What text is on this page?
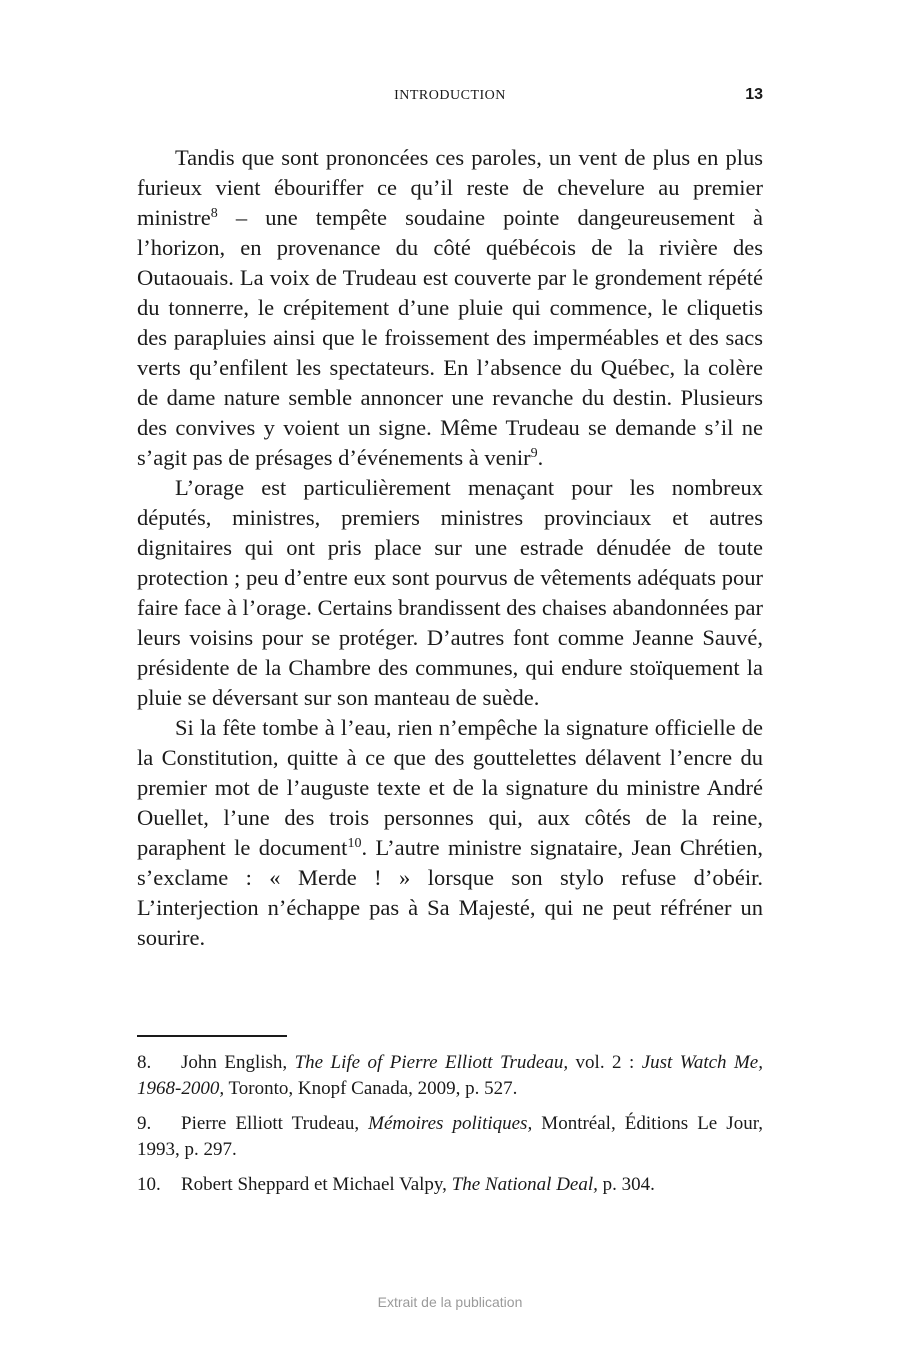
INTRODUCTION	13

Tandis que sont prononcées ces paroles, un vent de plus en plus furieux vient ébouriffer ce qu’il reste de chevelure au premier ministre$^8$ – une tempête soudaine pointe dangeureusement à l’horizon, en provenance du côté québécois de la rivière des Outaouais. La voix de Trudeau est couverte par le grondement répété du tonnerre, le crépitement d’une pluie qui commence, le cliquetis des parapluies ainsi que le froissement des imperméables et des sacs verts qu’enfilent les spectateurs. En l’absence du Québec, la colère de dame nature semble annoncer une revanche du destin. Plusieurs des convives y voient un signe. Même Trudeau se demande s’il ne s’agit pas de présages d’événements à venir$^9$.

L’orage est particulièrement menaçant pour les nombreux députés, ministres, premiers ministres provinciaux et autres dignitaires qui ont pris place sur une estrade dénudée de toute protection ; peu d’entre eux sont pourvus de vêtements adéquats pour faire face à l’orage. Certains brandissent des chaises abandonnées par leurs voisins pour se protéger. D’autres font comme Jeanne Sauvé, présidente de la Chambre des communes, qui endure stoïquement la pluie se déversant sur son manteau de suède.

Si la fête tombe à l’eau, rien n’empêche la signature officielle de la Constitution, quitte à ce que des gouttelettes délavent l’encre du premier mot de l’auguste texte et de la signature du ministre André Ouellet, l’une des trois personnes qui, aux côtés de la reine, paraphent le document$^{10}$. L’autre ministre signataire, Jean Chrétien, s’exclame : « Merde ! » lorsque son stylo refuse d’obéir. L’interjection n’échappe pas à Sa Majesté, qui ne peut réfréner un sourire.

8. John English, The Life of Pierre Elliott Trudeau, vol. 2 : Just Watch Me, 1968-2000, Toronto, Knopf Canada, 2009, p. 527.

9. Pierre Elliott Trudeau, Mémoires politiques, Montréal, Éditions Le Jour, 1993, p. 297.

10. Robert Sheppard et Michael Valpy, The National Deal, p. 304.

Extrait de la publication
